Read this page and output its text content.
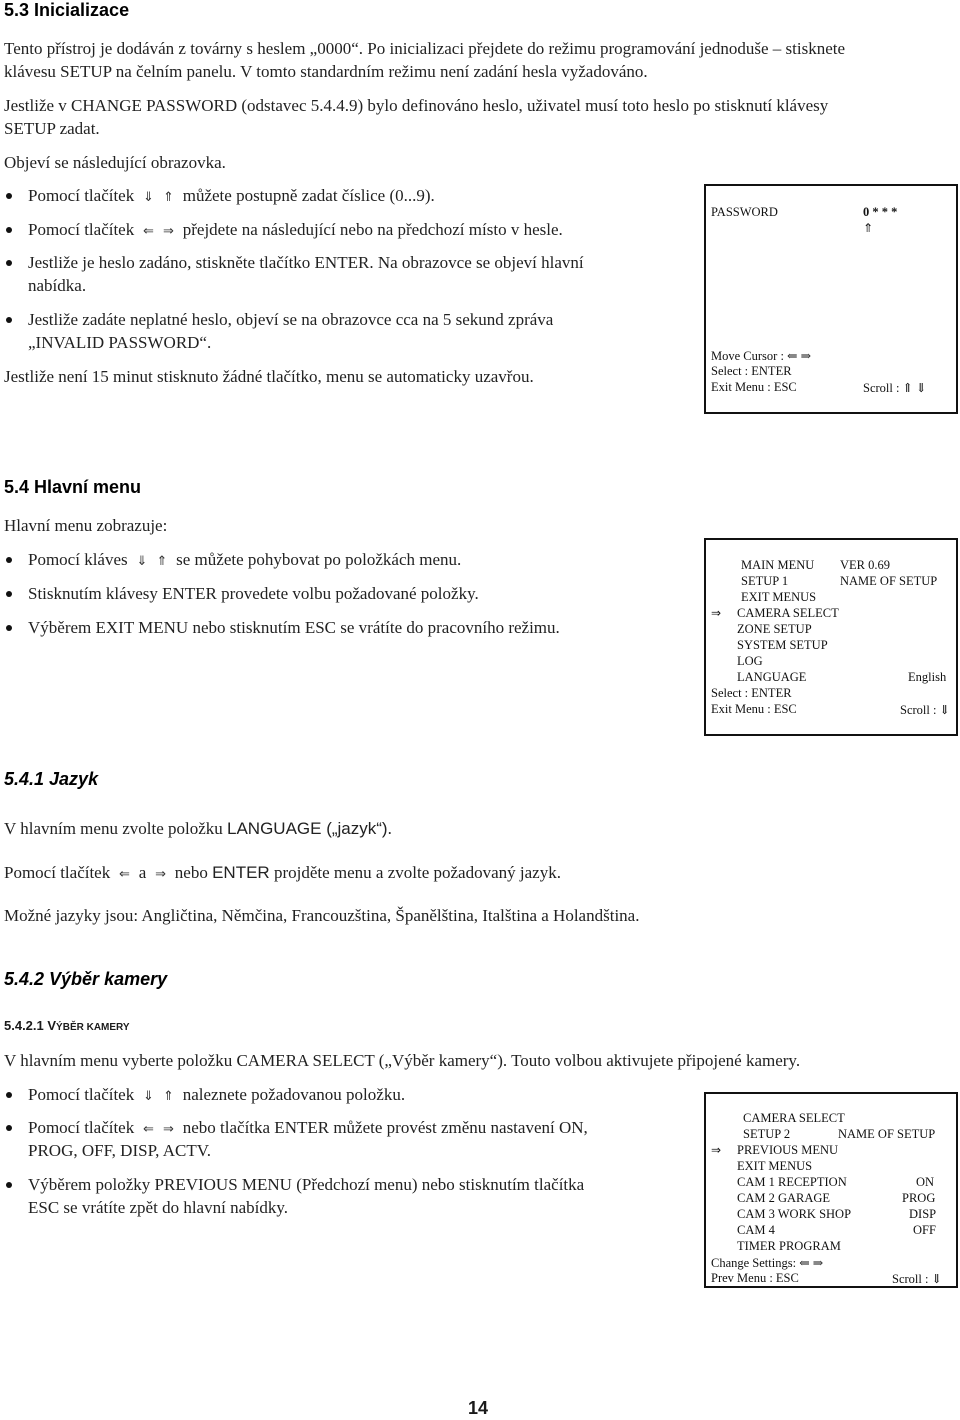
5.3 Inicializace
Tento přístroj je dodáván z továrny s heslem „0000“. Po inicializaci přejdete do režimu programování jednoduše – stisknete
klávesu SETUP na čelním panelu. V tomto standardním režimu není zadání hesla vyžadováno.
Jestliže v CHANGE PASSWORD (odstavec 5.4.4.9) bylo definováno heslo, uživatel musí toto heslo po stisknutí klávesy
SETUP zadat.
Objeví se následující obrazovka.
Pomocí tlačítek ⇓ ⇑ můžete postupně zadat číslice (0...9).
Pomocí tlačítek ⇐ ⇒ přejdete na následující nebo na předchozí místo v hesle.
Jestliže je heslo zadáno, stiskněte tlačítko ENTER. Na obrazovce se objeví hlavní
nabídka.
Jestliže zadáte neplatné heslo, objeví se na obrazovce cca na 5 sekund zpráva
„INVALID PASSWORD“.
Jestliže není 15 minut stisknuto žádné tlačítko, menu se automaticky uzavřou.
PASSWORD	0 * * *
⇑
Move Cursor : ⇐ ⇒
Select : ENTER
Exit Menu : ESC	Scroll : ⇑ ⇓
5.4 Hlavní menu
Hlavní menu zobrazuje:
Pomocí kláves ⇓ ⇑ se můžete pohybovat po položkách menu.
Stisknutím klávesy ENTER provedete volbu požadované položky.
Výběrem EXIT MENU nebo stisknutím ESC se vrátíte do pracovního režimu.
MAIN MENU VER 0.69
SETUP 1	NAME OF SETUP
EXIT MENUS
⇒ CAMERA SELECT
ZONE SETUP
SYSTEM SETUP
LOG
LANGUAGE	English
Select : ENTER
Exit Menu : ESC	Scroll : ⇓
5.4.1 Jazyk
V hlavním menu zvolte položku LANGUAGE („jazyk“).
Pomocí tlačítek ⇐ a ⇒ nebo ENTER projděte menu a zvolte požadovaný jazyk.
Možné jazyky jsou: Angličtina, Němčina, Francouzština, Španělština, Italština a Holandština.
5.4.2 Výběr kamery
5.4.2.1 VÝBĚR KAMERY
V hlavním menu vyberte položku CAMERA SELECT („Výběr kamery“). Touto volbou aktivujete připojené kamery.
Pomocí tlačítek ⇓ ⇑ naleznete požadovanou položku.
Pomocí tlačítek ⇐ ⇒ nebo tlačítka ENTER můžete provést změnu nastavení ON,
PROG, OFF, DISP, ACTV.
Výběrem položky PREVIOUS MENU (Předchozí menu) nebo stisknutím tlačítka
ESC se vrátíte zpět do hlavní nabídky.
CAMERA SELECT
SETUP 2	NAME OF SETUP
⇒ PREVIOUS MENU
EXIT MENUS
CAM 1 RECEPTION	ON
CAM 2 GARAGE	PROG
CAM 3 WORK SHOP	DISP
CAM 4	OFF
TIMER PROGRAM
Change Settings: ⇐ ⇒
Prev Menu : ESC	Scroll : ⇓
14
